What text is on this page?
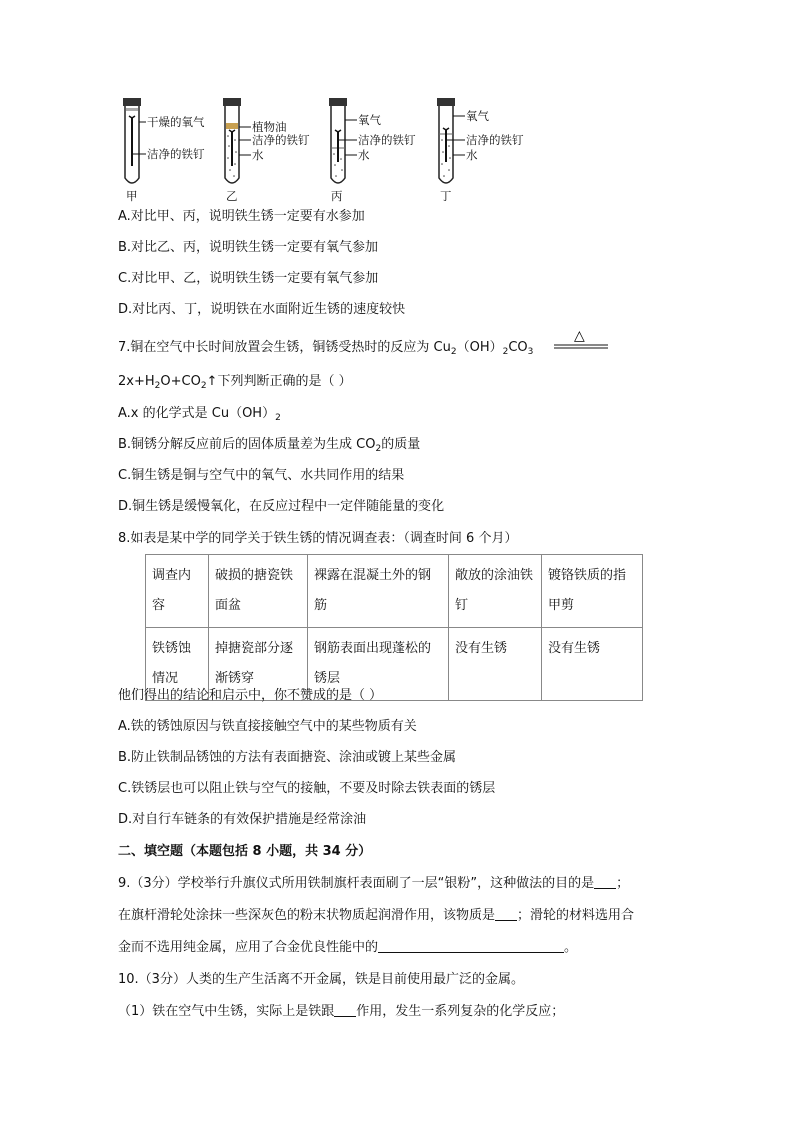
干燥的氧气
洁净的铁钉
甲
植物油
洁净的铁钉
水
乙
氧气
洁净的铁钉
水
丙
氧气
洁净的铁钉
水
丁
A.对比甲、丙，说明铁生锈一定要有水参加
B.对比乙、丙，说明铁生锈一定要有氧气参加
C.对比甲、乙，说明铁生锈一定要有氧气参加
D.对比丙、丁，说明铁在水面附近生锈的速度较快
7.铜在空气中长时间放置会生锈，铜锈受热时的反应为 $Cu_2(OH)_2CO_3$
△
$2x+H_2O+CO_2↑$下列判断正确的是（ ）
A.x 的化学式是 $Cu(OH)_2$
B.铜锈分解反应前后的固体质量差为生成 $CO_2$的质量
C.铜生锈是铜与空气中的氧气、水共同作用的结果
D.铜生锈是缓慢氧化，在反应过程中一定伴随能量的变化
8.如表是某中学的同学关于铁生锈的情况调查表：（调查时间 6 个月）
调查内容	破损的搪瓷铁面盆	裸露在混凝土外的钢筋	敞放的涂油铁钉	镀铬铁质的指甲剪
铁锈蚀情况	掉搪瓷部分逐渐锈穿	钢筋表面出现蓬松的锈层	没有生锈	没有生锈
他们得出的结论和启示中，你不赞成的是（ ）
A.铁的锈蚀原因与铁直接接触空气中的某些物质有关
B.防止铁制品锈蚀的方法有表面搪瓷、涂油或镀上某些金属
C.铁锈层也可以阻止铁与空气的接触，不要及时除去铁表面的锈层
D.对自行车链条的有效保护措施是经常涂油
二、填空题（本题包括 8 小题，共 34 分）
9.（3分）学校举行升旗仪式所用铁制旗杆表面刷了一层“银粉”，这种做法的目的是 ；
在旗杆滑轮处涂抹一些深灰色的粉末状物质起润滑作用，该物质是 ；滑轮的材料选用合
金而不选用纯金属，应用了合金优良性能中的	。
10.（3分）人类的生产生活离不开金属，铁是目前使用最广泛的金属。
（1）铁在空气中生锈，实际上是铁跟 作用，发生一系列复杂的化学反应；
